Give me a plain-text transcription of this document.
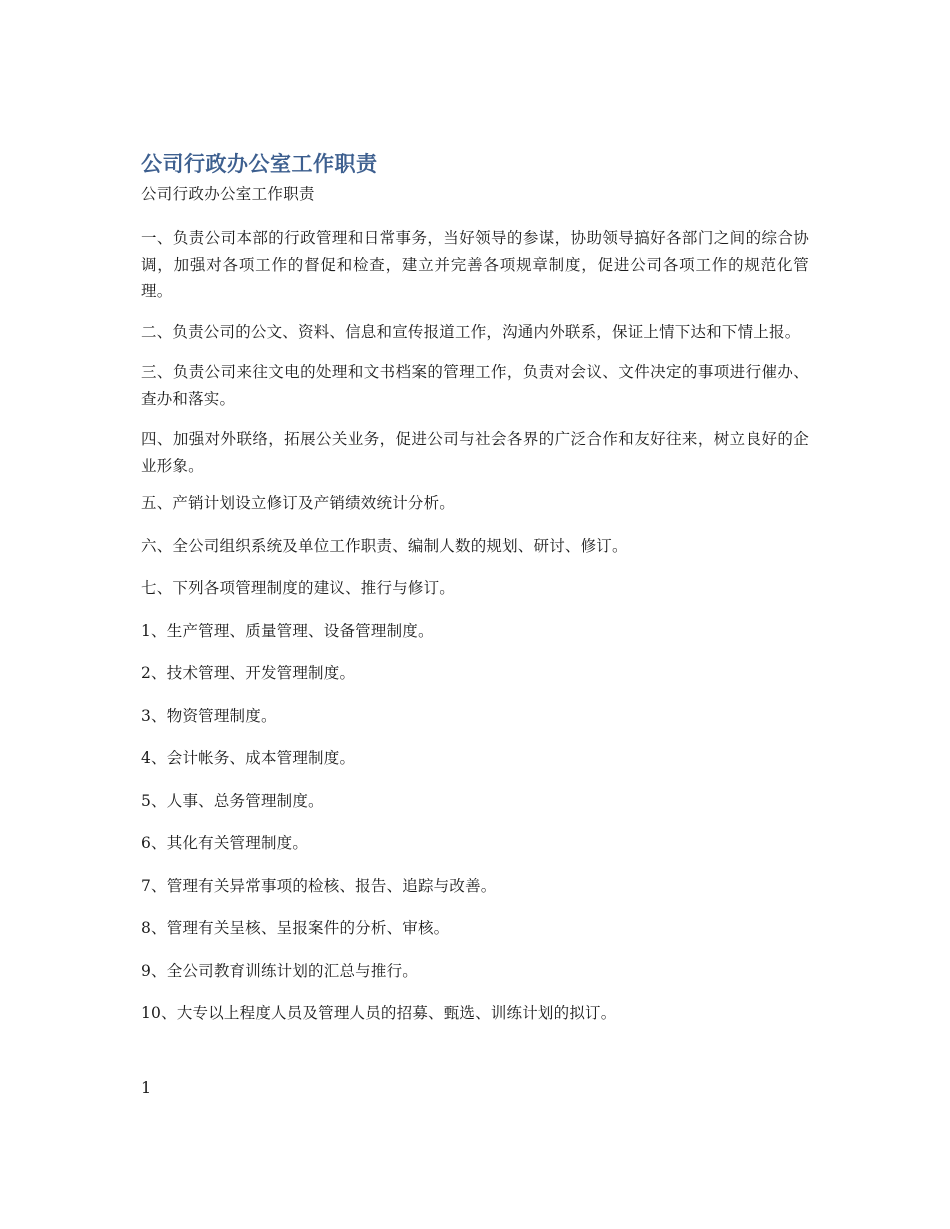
公司行政办公室工作职责
公司行政办公室工作职责

一、负责公司本部的行政管理和日常事务，当好领导的参谋，协助领导搞好各部门之间的综合协调，加强对各项工作的督促和检查，建立并完善各项规章制度，促进公司各项工作的规范化管理。

二、负责公司的公文、资料、信息和宣传报道工作，沟通内外联系，保证上情下达和下情上报。

三、负责公司来往文电的处理和文书档案的管理工作，负责对会议、文件决定的事项进行催办、查办和落实。

四、加强对外联络，拓展公关业务，促进公司与社会各界的广泛合作和友好往来，树立良好的企业形象。

五、产销计划设立修订及产销绩效统计分析。

六、全公司组织系统及单位工作职责、编制人数的规划、研讨、修订。

七、下列各项管理制度的建议、推行与修订。

1、生产管理、质量管理、设备管理制度。

2、技术管理、开发管理制度。

3、物资管理制度。

4、会计帐务、成本管理制度。

5、人事、总务管理制度。

6、其化有关管理制度。

7、管理有关异常事项的检核、报告、追踪与改善。

8、管理有关呈核、呈报案件的分析、审核。

9、全公司教育训练计划的汇总与推行。

10、大专以上程度人员及管理人员的招募、甄选、训练计划的拟订。

1
